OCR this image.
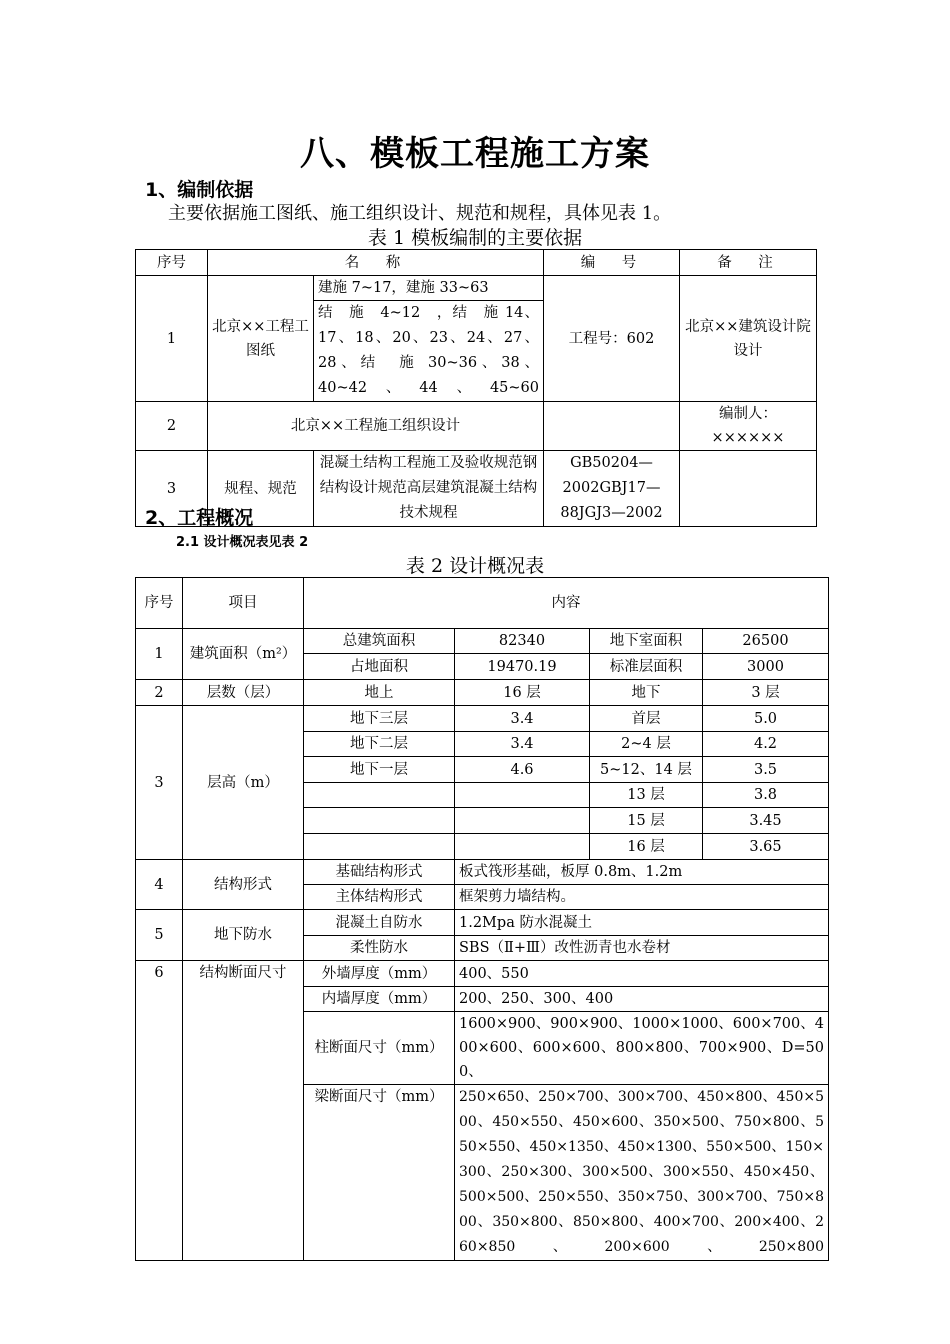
八、模板工程施工方案
1、编制依据
主要依据施工图纸、施工组织设计、规范和规程，具体见表 1。
表 1 模板编制的主要依据
序号	名　称		编　号	备　注
1	北京××工程工图纸	建施 7~17，建施 33~63	工程号：602	北京××建筑设计院设计
		结　施　4~12　，结　施 14、17、18、20、23、24、27、28、结　施 30~36、38、40~42、44、45~60		
2	北京××工程施工组织设计			编制人：××××××
3	规程、规范	混凝土结构工程施工及验收规范钢结构设计规范高层建筑混凝土结构技术规程	GB50204—2002GBJ17—88JGJ3—2002	
2、工程概况
2.1 设计概况表见表 2
表 2 设计概况表
序号	项目	内容			
1	建筑面积（m²）	总建筑面积	82340	地下室面积	26500
		占地面积	19470.19	标准层面积	3000
2	层数（层）	地上	16 层	地下	3 层
3	层高（m）	地下三层	3.4	首层	5.0
		地下二层	3.4	2~4 层	4.2
		地下一层	4.6	5~12、14 层	3.5
				13 层	3.8
				15 层	3.45
				16 层	3.65
4	结构形式	基础结构形式	板式筏形基础，板厚 0.8m、1.2m		
		主体结构形式	框架剪力墙结构。		
5	地下防水	混凝土自防水	1.2Mpa 防水混凝土		
		柔性防水	SBS（Ⅱ+Ⅲ）改性沥青也水卷材		
6	结构断面尺寸	外墙厚度（mm）	400、550		
		内墙厚度（mm）	200、250、300、400		
		柱断面尺寸（mm）	1600×900、900×900、1000×1000、600×700、400×600、600×600、800×800、700×900、D=500、		
		梁断面尺寸（mm）	250×650、250×700、300×700、450×800、450×500、450×550、450×600、350×500、750×800、550×550、450×1350、450×1300、550×500、150×300、250×300、300×500、300×550、450×450、500×500、250×550、350×750、300×700、750×800、350×800、850×800、400×700、200×400、260×850、200×600、250×800		
